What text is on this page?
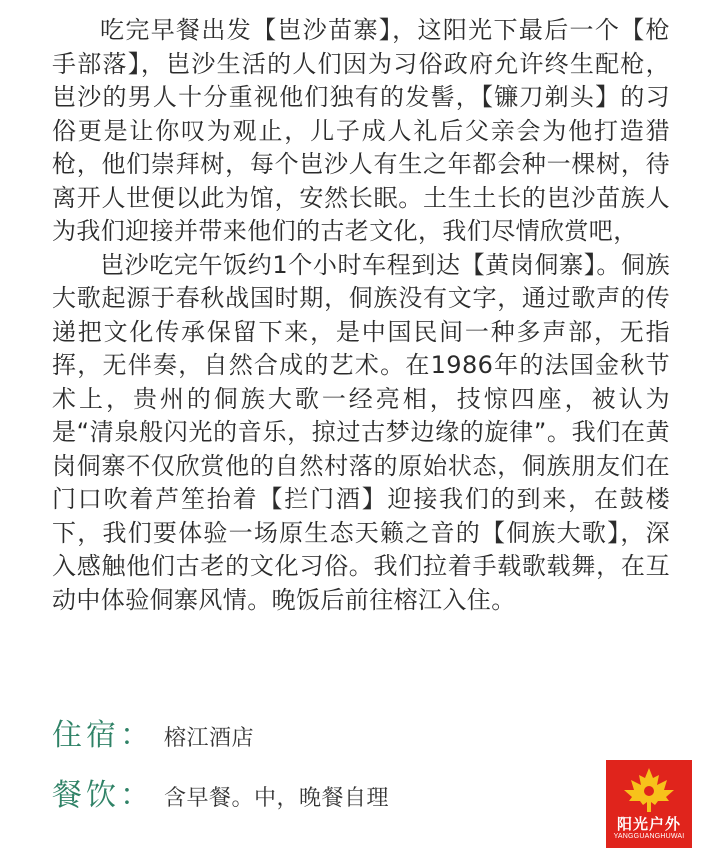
吃完早餐出发【岜沙苗寨】，这阳光下最后一个【枪手部落】，岜沙生活的人们因为习俗政府允许终生配枪，岜沙的男人十分重视他们独有的发髻，【镰刀剃头】的习俗更是让你叹为观止，儿子成人礼后父亲会为他打造猎枪，他们崇拜树，每个岜沙人有生之年都会种一棵树，待离开人世便以此为馆，安然长眠。土生土长的岜沙苗族人为我们迎接并带来他们的古老文化，我们尽情欣赏吧，

岜沙吃完午饭约1个小时车程到达【黄岗侗寨】。侗族大歌起源于春秋战国时期，侗族没有文字，通过歌声的传递把文化传承保留下来，是中国民间一种多声部，无指挥，无伴奏，自然合成的艺术。在1986年的法国金秋节术上，贵州的侗族大歌一经亮相，技惊四座，被认为是“清泉般闪光的音乐，掠过古梦边缘的旋律”。我们在黄岗侗寨不仅欣赏他的自然村落的原始状态，侗族朋友们在门口吹着芦笙抬着【拦门酒】迎接我们的到来，在鼓楼下，我们要体验一场原生态天籁之音的【侗族大歌】，深入感触他们古老的文化习俗。我们拉着手载歌载舞，在互动中体验侗寨风情。晚饭后前往榕江入住。

住宿： 榕江酒店
餐饮： 含早餐。中，晚餐自理
阳光户外
YANGGUANGHUWAI
